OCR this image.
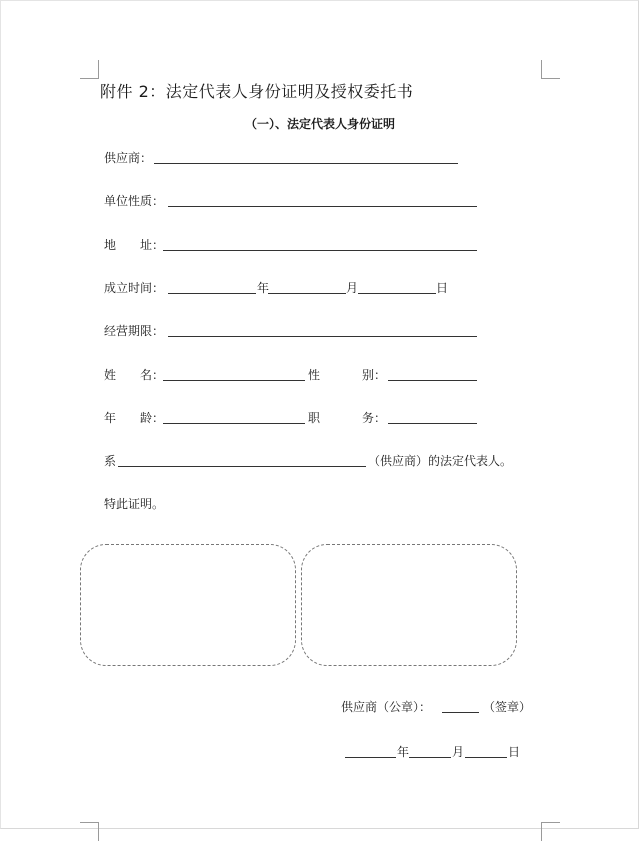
附件 2：法定代表人身份证明及授权委托书
（一）、法定代表人身份证明
供应商：
单位性质：
地　　址：
成立时间：	年	月	日
经营期限：
姓　　名：	性	别：
年　　龄：	职	务：
系	（供应商）的法定代表人。
特此证明。
供应商（公章）：	（签章）
年	月	日
